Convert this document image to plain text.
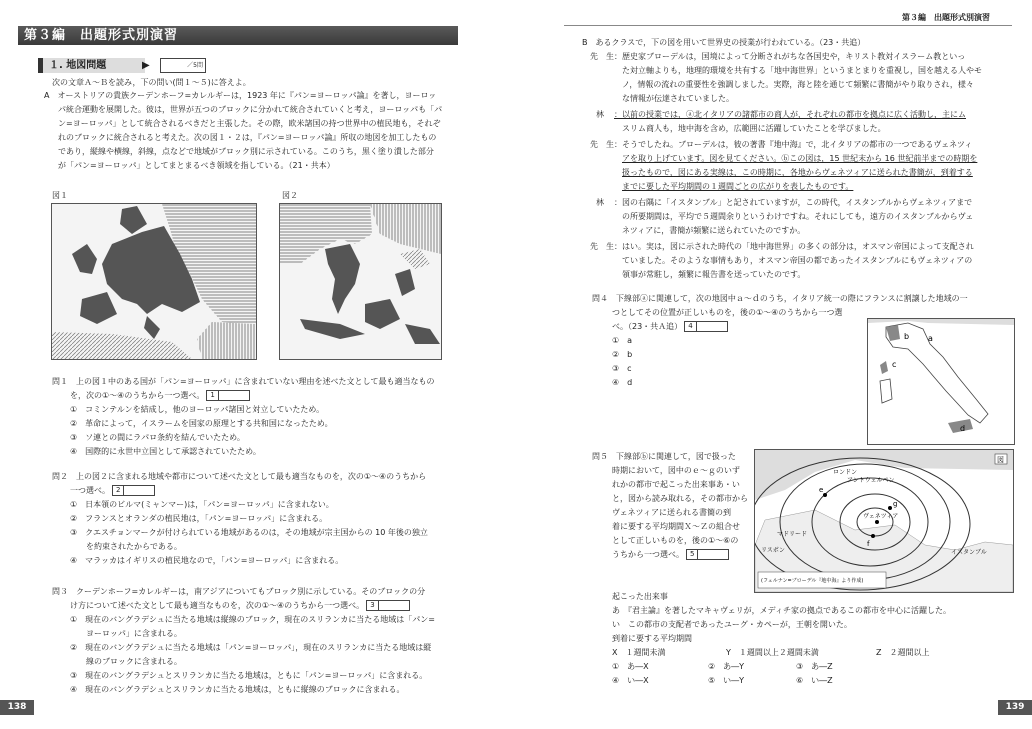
第３編　出題形式別演習
１. 地図問題	▶	／5問
次の文章Ａ～Ｂを読み，下の問い(問１～５)に答えよ。
A　オーストリアの貴族クーデンホーフ=カレルギーは，1923 年に『パン=ヨーロッパ論』を著し，ヨーロッ
パ統合運動を展開した。彼は，世界が五つのブロックに分かれて統合されていくと考え，ヨーロッパも「パ
ン=ヨーロッパ」として統合されるべきだと主張した。その際，欧米諸国の持つ世界中の植民地も，それぞ
れのブロックに統合されると考えた。次の図１・２は，『パン=ヨーロッパ論』所収の地図を加工したもの
であり，縦線や横線，斜線，点などで地域がブロック別に示されている。このうち，黒く塗り潰した部分
が「パン=ヨーロッパ」としてまとまるべき領域を指している。（21・共本）
図１	図２
問１　上の図１中のある国が「パン=ヨーロッパ」に含まれていない理由を述べた文として最も適当なもの
を，次の①～④のうちから一つ選べ。 1
①　コミンテルンを結成し，他のヨーロッパ諸国と対立していたため。
②　革命によって，イスラームを国家の原理とする共和国になったため。
③　ソ連との間にラパロ条約を結んでいたため。
④　国際的に永世中立国として承認されていたため。
問２　上の図２に含まれる地域や都市について述べた文として最も適当なものを，次の①～④のうちから
一つ選べ。 2
①　日本領のビルマ(ミャンマー)は，「パン=ヨーロッパ」に含まれない。
②　フランスとオランダの植民地は，「パン=ヨーロッパ」に含まれる。
③　クエスチョンマークが付けられている地域があるのは，その地域が宗主国からの 10 年後の独立
　　を約束されたからである。
④　マラッカはイギリスの植民地なので，「パン=ヨーロッパ」に含まれる。
問３　クーデンホーフ=カレルギーは，南アジアについてもブロック別に示している。そのブロックの分
け方について述べた文として最も適当なものを，次の①～④のうちから一つ選べ。 3
①　現在のバングラデシュに当たる地域は縦線のブロック，現在のスリランカに当たる地域は「パン=
　　ヨーロッパ」に含まれる。
②　現在のバングラデシュに当たる地域は「パン=ヨーロッパ」，現在のスリランカに当たる地域は縦
　　線のブロックに含まれる。
③　現在のバングラデシュとスリランカに当たる地域は，ともに「パン=ヨーロッパ」に含まれる。
④　現在のバングラデシュとスリランカに当たる地域は，ともに縦線のブロックに含まれる。
138
第３編　出題形式別演習
B　あるクラスで，下の図を用いて世界史の授業が行われている。（23・共追）
先　生 ：歴史家ブローデルは，国境によって分断されがちな各国史や，キリスト教対イスラーム教といっ
た対立軸よりも，地理的環境を共有する「地中海世界」というまとまりを重視し，国を越える人やモ
ノ，情報の流れの重要性を強調しました。実際，海と陸を通じて頻繁に書簡がやり取りされ，様々
な情報が伝達されていました。
林 ：以前の授業では，ⓐ北イタリアの諸都市の商人が，それぞれの都市を拠点に広く活動し，主にム
スリム商人も，地中海を含め，広範囲に活躍していたことを学びました。
先　生 ：そうでしたね。ブローデルは，彼の著書『地中海』で，北イタリアの都市の一つであるヴェネツィ
アを取り上げています。図を見てください。ⓑこの図は，15 世紀末から 16 世紀前半までの時期を
扱ったもので，図にある実線は，この時期に，各地からヴェネツィアに送られた書簡が，到着する
までに要した平均期間の１週間ごとの広がりを表したものです。
林 ：図の右隅に「イスタンブル」と記されていますが，この時代，イスタンブルからヴェネツィアまで
の所要期間は，平均で５週間余りというわけですね。それにしても，遠方のイスタンブルからヴェ
ネツィアに，書簡が頻繁に送られていたのですか。
先　生 ：はい。実は，図に示された時代の「地中海世界」の多くの部分は，オスマン帝国によって支配され
ていました。そのような事情もあり，オスマン帝国の都であったイスタンブルにもヴェネツィアの
領事が常駐し，頻繁に報告書を送っていたのです。
問４　下線部ⓐに関連して，次の地図中ａ～ｄのうち，イタリア統一の際にフランスに割譲した地域の一
つとしてその位置が正しいものを，後の①～④のうちから一つ選
べ。（23・共Ａ追） 4
①　a
②　b
③　c
④　d
a
b
c
d
問５　下線部ⓑに関連して，図で扱った
時期において，図中のｅ～ｇのいず
れかの都市で起こった出来事あ・い
と，図から読み取れる，その都市から
ヴェネツィアに送られる書簡の到
着に要する平均期間Ｘ～Ｚの組合せ
として正しいものを，後の①～⑥の
うちから一つ選べ。 5
図
ロンドン
アントウェルペン
e
ヴェネツィア
g
f
マドリード
リスボン	イスタンブル
(フェルナン=ブローデル『地中海』より作成)
起こった出来事
あ　『君主論』を著したマキャヴェリが，メディチ家の拠点であるこの都市を中心に活躍した。
い　この都市の支配者であったユーグ・カペーが，王朝を開いた。
到着に要する平均期間
X　１週間未満	Y　１週間以上２週間未満	Z　２週間以上
①　あ―X	②　あ―Y	③　あ―Z
④　い―X	⑤　い―Y	⑥　い―Z
139
